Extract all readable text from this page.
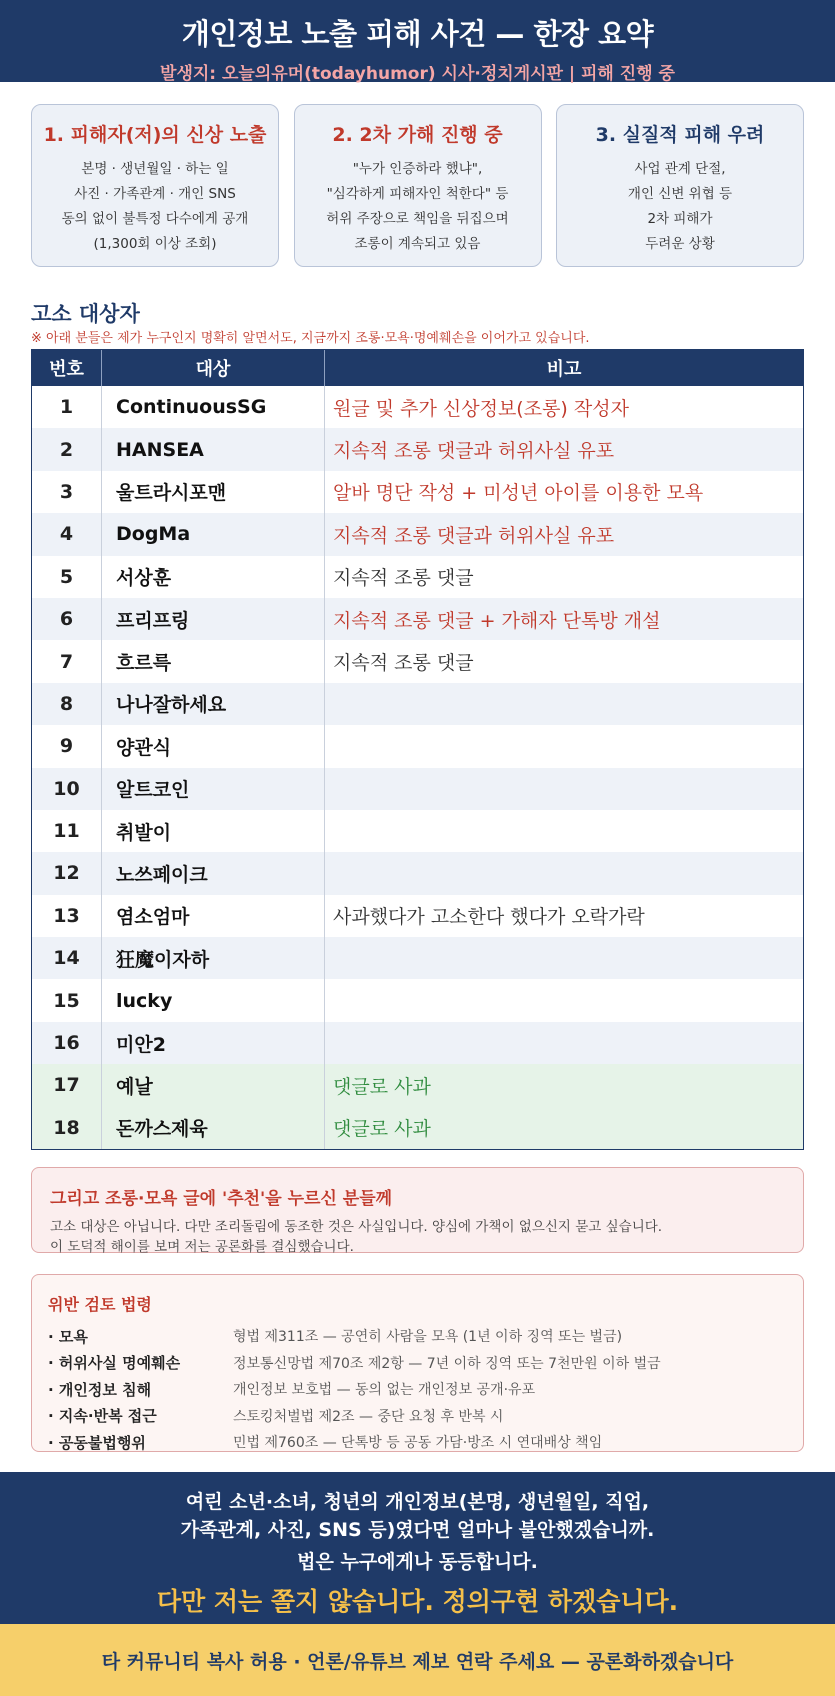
개인정보 노출 피해 사건 — 한장 요약
발생지: 오늘의유머(todayhumor) 시사·정치게시판 | 피해 진행 중
1. 피해자(저)의 신상 노출
본명 · 생년월일 · 하는 일
사진 · 가족관계 · 개인 SNS
동의 없이 불특정 다수에게 공개
(1,300회 이상 조회)
2. 2차 가해 진행 중
"누가 인증하라 했냐",
"심각하게 피해자인 척한다" 등
허위 주장으로 책임을 뒤집으며
조롱이 계속되고 있음
3. 실질적 피해 우려
사업 관계 단절,
개인 신변 위협 등
2차 피해가
두려운 상황
고소 대상자
※ 아래 분들은 제가 누구인지 명확히 알면서도, 지금까지 조롱·모욕·명예훼손을 이어가고 있습니다.
번호	대상	비고
1	ContinuousSG	원글 및 추가 신상정보(조롱) 작성자
2	HANSEA	지속적 조롱 댓글과 허위사실 유포
3	울트라시포맨	알바 명단 작성 + 미성년 아이를 이용한 모욕
4	DogMa	지속적 조롱 댓글과 허위사실 유포
5	서상훈	지속적 조롱 댓글
6	프리프링	지속적 조롱 댓글 + 가해자 단톡방 개설
7	흐르륵	지속적 조롱 댓글
8	나나잘하세요
9	양관식
10	알트코인
11	취발이
12	노쓰페이크
13	염소엄마	사과했다가 고소한다 했다가 오락가락
14	狂魔이자하
15	lucky
16	미안2
17	예날	댓글로 사과
18	돈까스제육	댓글로 사과
그리고 조롱·모욕 글에 '추천'을 누르신 분들께
고소 대상은 아닙니다. 다만 조리돌림에 동조한 것은 사실입니다. 양심에 가책이 없으신지 묻고 싶습니다.
이 도덕적 해이를 보며 저는 공론화를 결심했습니다.
위반 검토 법령
· 모욕	형법 제311조 — 공연히 사람을 모욕 (1년 이하 징역 또는 벌금)
· 허위사실 명예훼손	정보통신망법 제70조 제2항 — 7년 이하 징역 또는 7천만원 이하 벌금
· 개인정보 침해	개인정보 보호법 — 동의 없는 개인정보 공개·유포
· 지속·반복 접근	스토킹처벌법 제2조 — 중단 요청 후 반복 시
· 공동불법행위	민법 제760조 — 단톡방 등 공동 가담·방조 시 연대배상 책임
여린 소년·소녀, 청년의 개인정보(본명, 생년월일, 직업,
가족관계, 사진, SNS 등)였다면 얼마나 불안했겠습니까.
법은 누구에게나 동등합니다.
다만 저는 쫄지 않습니다. 정의구현 하겠습니다.
타 커뮤니티 복사 허용 · 언론/유튜브 제보 연락 주세요 — 공론화하겠습니다
